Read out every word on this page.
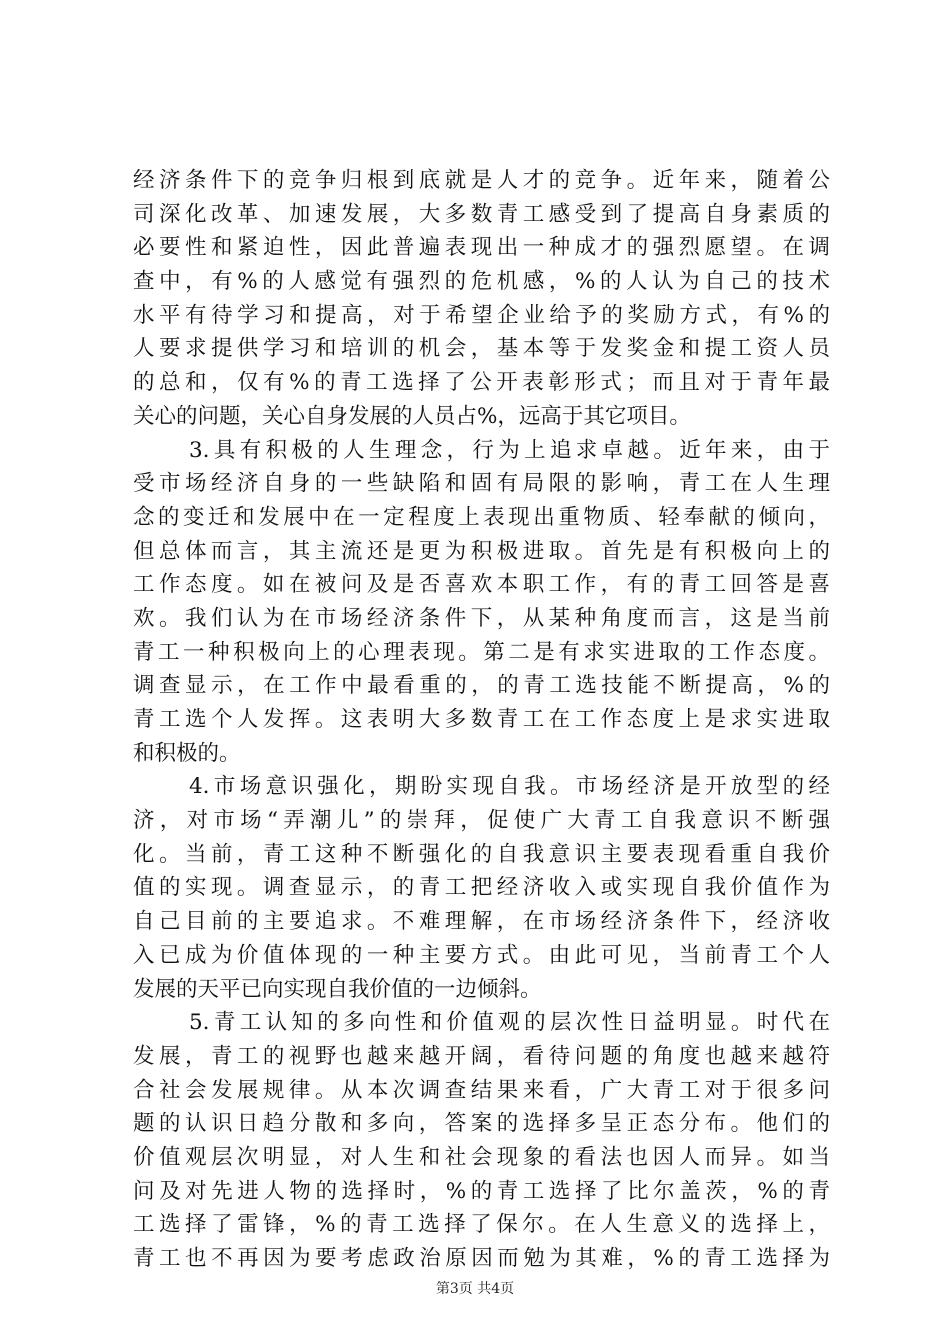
经济条件下的竞争归根到底就是人才的竞争。近年来，随着公
司深化改革、加速发展，大多数青工感受到了提高自身素质的
必要性和紧迫性，因此普遍表现出一种成才的强烈愿望。在调
查中，有%的人感觉有强烈的危机感，%的人认为自己的技术
水平有待学习和提高，对于希望企业给予的奖励方式，有%的
人要求提供学习和培训的机会，基本等于发奖金和提工资人员
的总和，仅有%的青工选择了公开表彰形式；而且对于青年最
关心的问题，关心自身发展的人员占%，远高于其它项目。
3.具有积极的人生理念，行为上追求卓越。近年来，由于
受市场经济自身的一些缺陷和固有局限的影响，青工在人生理
念的变迁和发展中在一定程度上表现出重物质、轻奉献的倾向，
但总体而言，其主流还是更为积极进取。首先是有积极向上的
工作态度。如在被问及是否喜欢本职工作，有的青工回答是喜
欢。我们认为在市场经济条件下，从某种角度而言，这是当前
青工一种积极向上的心理表现。第二是有求实进取的工作态度。
调查显示，在工作中最看重的，的青工选技能不断提高，%的
青工选个人发挥。这表明大多数青工在工作态度上是求实进取
和积极的。
4.市场意识强化，期盼实现自我。市场经济是开放型的经
济，对市场“弄潮儿”的崇拜，促使广大青工自我意识不断强
化。当前，青工这种不断强化的自我意识主要表现看重自我价
值的实现。调查显示，的青工把经济收入或实现自我价值作为
自己目前的主要追求。不难理解，在市场经济条件下，经济收
入已成为价值体现的一种主要方式。由此可见，当前青工个人
发展的天平已向实现自我价值的一边倾斜。
5.青工认知的多向性和价值观的层次性日益明显。时代在
发展，青工的视野也越来越开阔，看待问题的角度也越来越符
合社会发展规律。从本次调查结果来看，广大青工对于很多问
题的认识日趋分散和多向，答案的选择多呈正态分布。他们的
价值观层次明显，对人生和社会现象的看法也因人而异。如当
问及对先进人物的选择时，%的青工选择了比尔盖茨，%的青
工选择了雷锋，%的青工选择了保尔。在人生意义的选择上，
青工也不再因为要考虑政治原因而勉为其难，%的青工选择为
第3页 共4页
